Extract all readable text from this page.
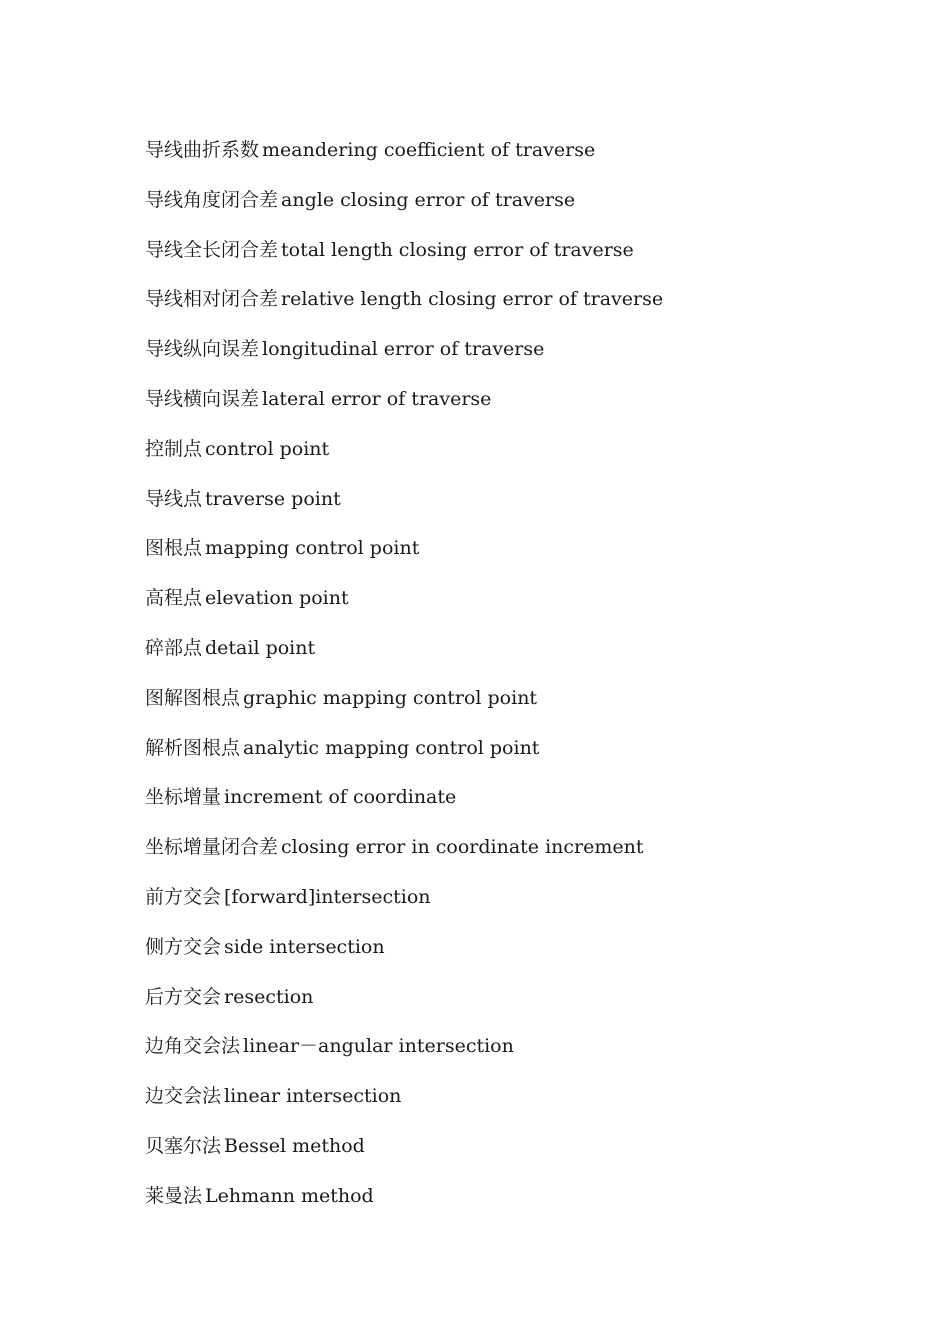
导线曲折系数 meandering coefficient of traverse
导线角度闭合差 angle closing error of traverse
导线全长闭合差 total length closing error of traverse
导线相对闭合差 relative length closing error of traverse
导线纵向误差 longitudinal error of traverse
导线横向误差 lateral error of traverse
控制点 control point
导线点 traverse point
图根点 mapping control point
高程点 elevation point
碎部点 detail point
图解图根点 graphic mapping control point
解析图根点 analytic mapping control point
坐标增量 increment of coordinate
坐标增量闭合差 closing error in coordinate increment
前方交会 [forward]intersection
侧方交会 side intersection
后方交会 resection
边角交会法 linear－angular intersection
边交会法 linear intersection
贝塞尔法 Bessel method
莱曼法 Lehmann method
